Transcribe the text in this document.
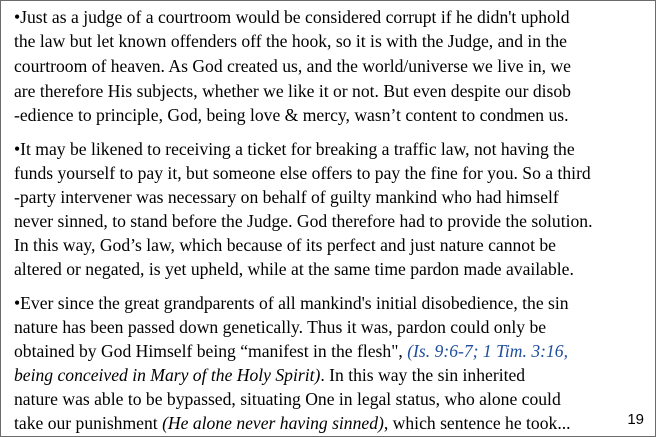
•Just as a judge of a courtroom would be considered corrupt if he didn't uphold
the law but let known offenders off the hook, so it is with the Judge, and in the
courtroom of heaven. As God created us, and the world/universe we live in, we
are therefore His subjects, whether we like it or not. But even despite our disob
-edience to principle, God, being love & mercy, wasn’t content to condmen us.
•It may be likened to receiving a ticket for breaking a traffic law, not having the
funds yourself to pay it, but someone else offers to pay the fine for you. So a third
-party intervener was necessary on behalf of guilty mankind who had himself
never sinned, to stand before the Judge. God therefore had to provide the solution.
In this way, God’s law, which because of its perfect and just nature cannot be
altered or negated, is yet upheld, while at the same time pardon made available.
•Ever since the great grandparents of all mankind's initial disobedience, the sin
nature has been passed down genetically. Thus it was, pardon could only be
obtained by God Himself being “manifest in the flesh", (Is. 9:6-7; 1 Tim. 3:16,
being conceived in Mary of the Holy Spirit). In this way the sin inherited
nature was able to be bypassed, situating One in legal status, who alone could
take our punishment (He alone never having sinned), which sentence he took...	19
